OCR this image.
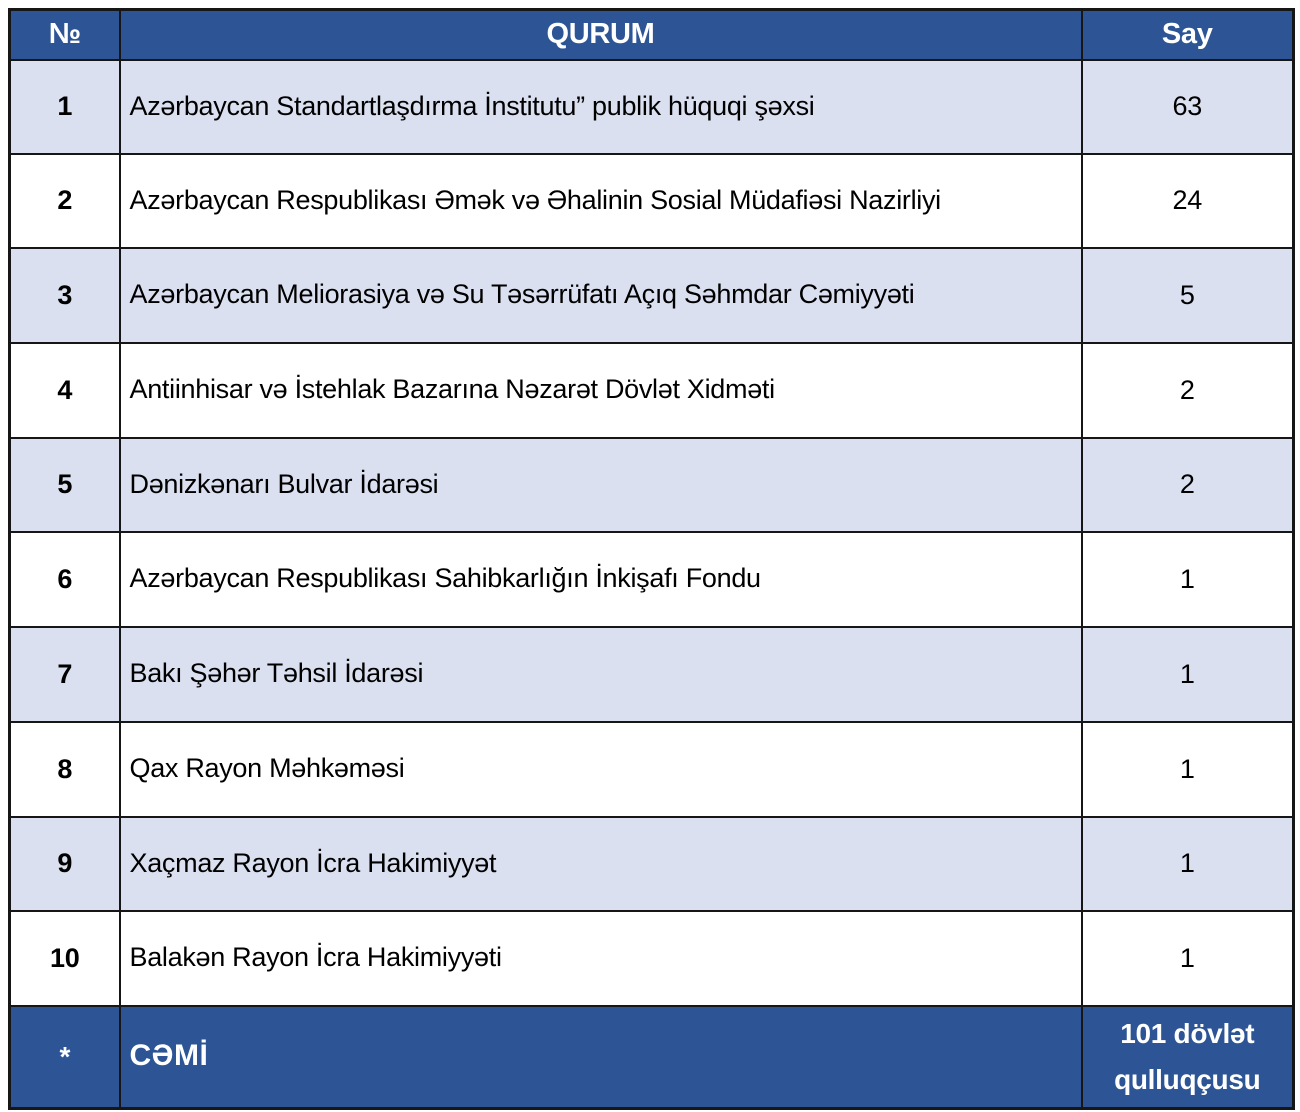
№	QURUM	Say
1	Azərbaycan Standartlaşdırma İnstitutu” publik hüquqi şəxsi	63
2	Azərbaycan Respublikası Əmək və Əhalinin Sosial Müdafiəsi Nazirliyi	24
3	Azərbaycan Meliorasiya və Su Təsərrüfatı Açıq Səhmdar Cəmiyyəti	5
4	Antiinhisar və İstehlak Bazarına Nəzarət Dövlət Xidməti	2
5	Dənizkənarı Bulvar İdarəsi	2
6	Azərbaycan Respublikası Sahibkarlığın İnkişafı Fondu	1
7	Bakı Şəhər Təhsil İdarəsi	1
8	Qax Rayon Məhkəməsi	1
9	Xaçmaz Rayon İcra Hakimiyyət	1
10	Balakən Rayon İcra Hakimiyyəti	1
*	CƏMİ	101 dövlət qulluqçusu
